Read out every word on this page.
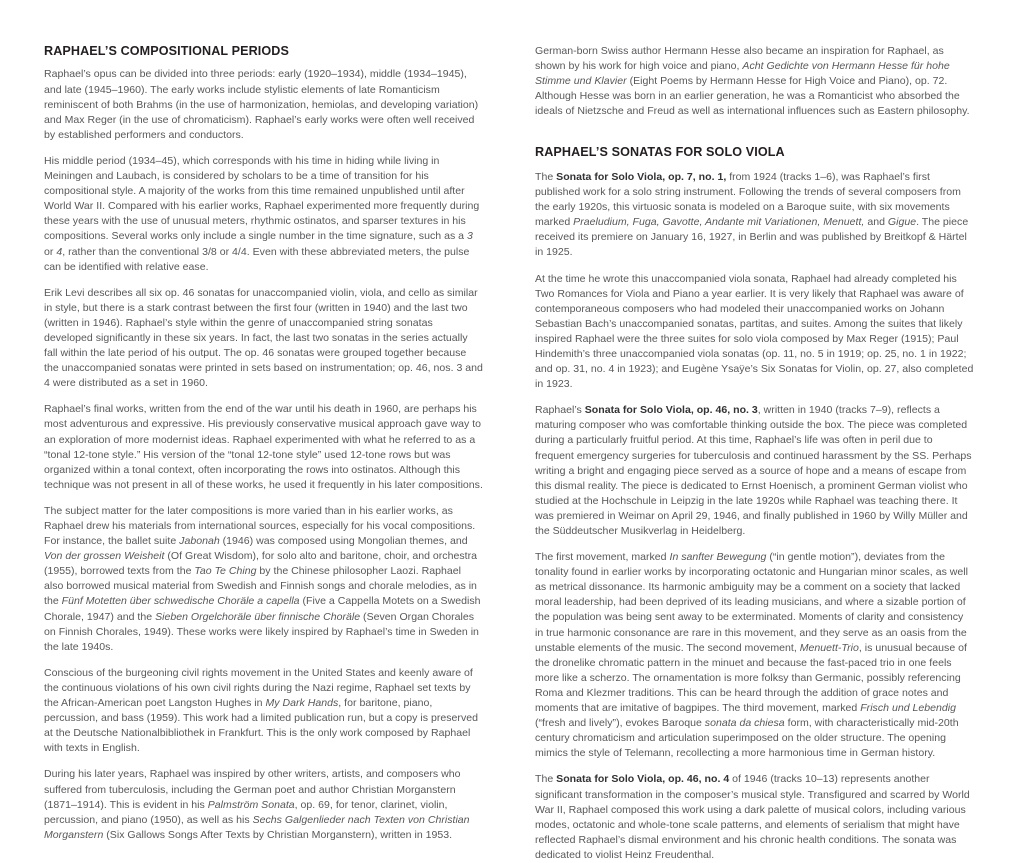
RAPHAEL’S COMPOSITIONAL PERIODS

Raphael’s opus can be divided into three periods: early (1920–1934), middle (1934–1945), and late (1945–1960). The early works include stylistic elements of late Romanticism reminiscent of both Brahms (in the use of harmonization, hemiolas, and developing variation) and Max Reger (in the use of chromaticism). Raphael’s early works were often well received by established performers and conductors.

His middle period (1934–45), which corresponds with his time in hiding while living in Meiningen and Laubach, is considered by scholars to be a time of transition for his compositional style. A majority of the works from this time remained unpublished until after World War II. Compared with his earlier works, Raphael experimented more frequently during these years with the use of unusual meters, rhythmic ostinatos, and sparser textures in his compositions. Several works only include a single number in the time signature, such as a 3 or 4, rather than the conventional 3/8 or 4/4. Even with these abbreviated meters, the pulse can be identified with relative ease.

Erik Levi describes all six op. 46 sonatas for unaccompanied violin, viola, and cello as similar in style, but there is a stark contrast between the first four (written in 1940) and the last two (written in 1946). Raphael’s style within the genre of unaccompanied string sonatas developed significantly in these six years. In fact, the last two sonatas in the series actually fall within the late period of his output. The op. 46 sonatas were grouped together because the unaccompanied sonatas were printed in sets based on instrumentation; op. 46, nos. 3 and 4 were distributed as a set in 1960.

Raphael’s final works, written from the end of the war until his death in 1960, are perhaps his most adventurous and expressive. His previously conservative musical approach gave way to an exploration of more modernist ideas. Raphael experimented with what he referred to as a “tonal 12-tone style.” His version of the “tonal 12-tone style” used 12-tone rows but was organized within a tonal context, often incorporating the rows into ostinatos. Although this technique was not present in all of these works, he used it frequently in his later compositions.

The subject matter for the later compositions is more varied than in his earlier works, as Raphael drew his materials from international sources, especially for his vocal compositions. For instance, the ballet suite Jabonah (1946) was composed using Mongolian themes, and Von der grossen Weisheit (Of Great Wisdom), for solo alto and baritone, choir, and orchestra (1955), borrowed texts from the Tao Te Ching by the Chinese philosopher Laozi. Raphael also borrowed musical material from Swedish and Finnish songs and chorale melodies, as in the Fünf Motetten über schwedische Choräle a capella (Five a Cappella Motets on a Swedish Chorale, 1947) and the Sieben Orgelchoräle über finnische Choräle (Seven Organ Chorales on Finnish Chorales, 1949). These works were likely inspired by Raphael’s time in Sweden in the late 1940s.

Conscious of the burgeoning civil rights movement in the United States and keenly aware of the continuous violations of his own civil rights during the Nazi regime, Raphael set texts by the African-American poet Langston Hughes in My Dark Hands, for baritone, piano, percussion, and bass (1959). This work had a limited publication run, but a copy is preserved at the Deutsche Nationalbibliothek in Frankfurt. This is the only work composed by Raphael with texts in English.

During his later years, Raphael was inspired by other writers, artists, and composers who suffered from tuberculosis, including the German poet and author Christian Morganstern (1871–1914). This is evident in his Palmström Sonata, op. 69, for tenor, clarinet, violin, percussion, and piano (1950), as well as his Sechs Galgenlieder nach Texten von Christian Morganstern (Six Gallows Songs After Texts by Christian Morganstern), written in 1953.

German-born Swiss author Hermann Hesse also became an inspiration for Raphael, as shown by his work for high voice and piano, Acht Gedichte von Hermann Hesse für hohe Stimme und Klavier (Eight Poems by Hermann Hesse for High Voice and Piano), op. 72. Although Hesse was born in an earlier generation, he was a Romanticist who absorbed the ideals of Nietzsche and Freud as well as international influences such as Eastern philosophy.

RAPHAEL’S SONATAS FOR SOLO VIOLA

The Sonata for Solo Viola, op. 7, no. 1, from 1924 (tracks 1–6), was Raphael’s first published work for a solo string instrument. Following the trends of several composers from the early 1920s, this virtuosic sonata is modeled on a Baroque suite, with six movements marked Praeludium, Fuga, Gavotte, Andante mit Variationen, Menuett, and Gigue. The piece received its premiere on January 16, 1927, in Berlin and was published by Breitkopf & Härtel in 1925.

At the time he wrote this unaccompanied viola sonata, Raphael had already completed his Two Romances for Viola and Piano a year earlier. It is very likely that Raphael was aware of contemporaneous composers who had modeled their unaccompanied works on Johann Sebastian Bach’s unaccompanied sonatas, partitas, and suites. Among the suites that likely inspired Raphael were the three suites for solo viola composed by Max Reger (1915); Paul Hindemith’s three unaccompanied viola sonatas (op. 11, no. 5 in 1919; op. 25, no. 1 in 1922; and op. 31, no. 4 in 1923); and Eugène Ysaÿe’s Six Sonatas for Violin, op. 27, also completed in 1923.

Raphael’s Sonata for Solo Viola, op. 46, no. 3, written in 1940 (tracks 7–9), reflects a maturing composer who was comfortable thinking outside the box. The piece was completed during a particularly fruitful period. At this time, Raphael’s life was often in peril due to frequent emergency surgeries for tuberculosis and continued harassment by the SS. Perhaps writing a bright and engaging piece served as a source of hope and a means of escape from this dismal reality. The piece is dedicated to Ernst Hoenisch, a prominent German violist who studied at the Hochschule in Leipzig in the late 1920s while Raphael was teaching there. It was premiered in Weimar on April 29, 1946, and finally published in 1960 by Willy Müller and the Süddeutscher Musikverlag in Heidelberg.

The first movement, marked In sanfter Bewegung (“in gentle motion”), deviates from the tonality found in earlier works by incorporating octatonic and Hungarian minor scales, as well as metrical dissonance. Its harmonic ambiguity may be a comment on a society that lacked moral leadership, had been deprived of its leading musicians, and where a sizable portion of the population was being sent away to be exterminated. Moments of clarity and consistency in true harmonic consonance are rare in this movement, and they serve as an oasis from the unstable elements of the music. The second movement, Menuett-Trio, is unusual because of the dronelike chromatic pattern in the minuet and because the fast-paced trio in one feels more like a scherzo. The ornamentation is more folksy than Germanic, possibly referencing Roma and Klezmer traditions. This can be heard through the addition of grace notes and moments that are imitative of bagpipes. The third movement, marked Frisch und Lebendig (“fresh and lively”), evokes Baroque sonata da chiesa form, with characteristically mid-20th century chromaticism and articulation superimposed on the older structure. The opening mimics the style of Telemann, recollecting a more harmonious time in German history.

The Sonata for Solo Viola, op. 46, no. 4 of 1946 (tracks 10–13) represents another significant transformation in the composer’s musical style. Transfigured and scarred by World War II, Raphael composed this work using a dark palette of musical colors, including various modes, octatonic and whole-tone scale patterns, and elements of serialism that might have reflected Raphael’s dismal environment and his chronic health conditions. The sonata was dedicated to violist Heinz Freudenthal.
